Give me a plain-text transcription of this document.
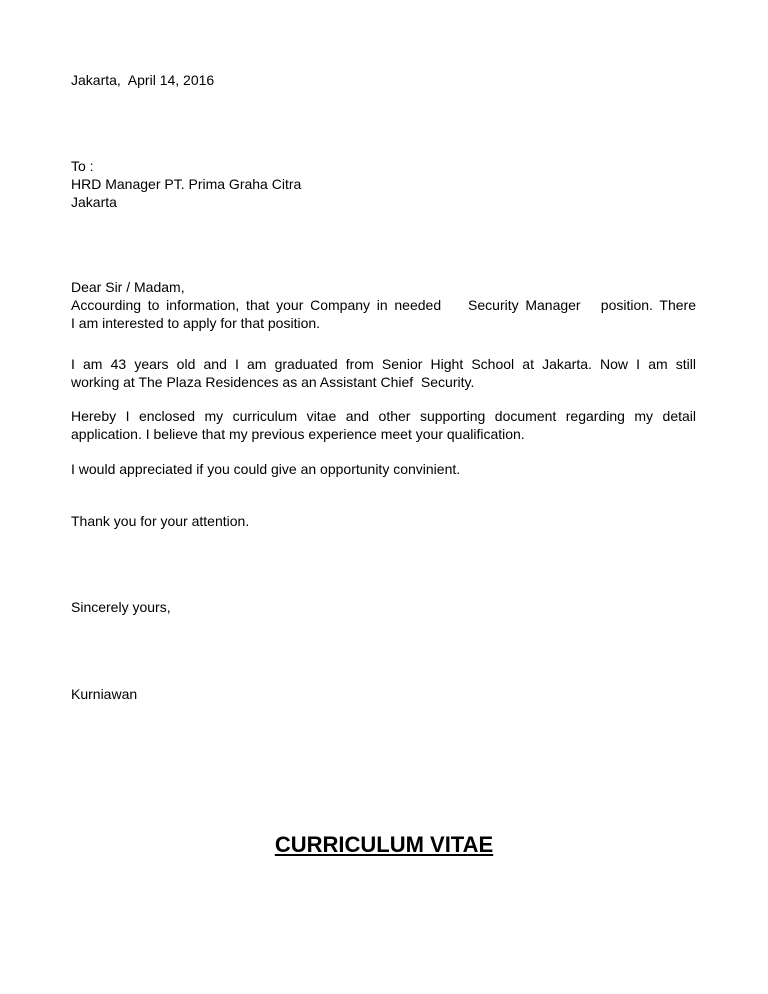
Jakarta,  April 14, 2016

To :

HRD Manager PT. Prima Graha Citra

Jakarta

Dear Sir / Madam,

Accourding to information, that your Company in needed    Security Manager   position. There

I am interested to apply for that position.

I am 43 years old and I am graduated from Senior Hight School at Jakarta. Now I am still

working at The Plaza Residences as an Assistant Chief  Security.

Hereby I enclosed my curriculum vitae and other supporting document regarding my detail

application. I believe that my previous experience meet your qualification.

I would appreciated if you could give an opportunity convinient.

Thank you for your attention.

Sincerely yours,

Kurniawan

CURRICULUM VITAE
